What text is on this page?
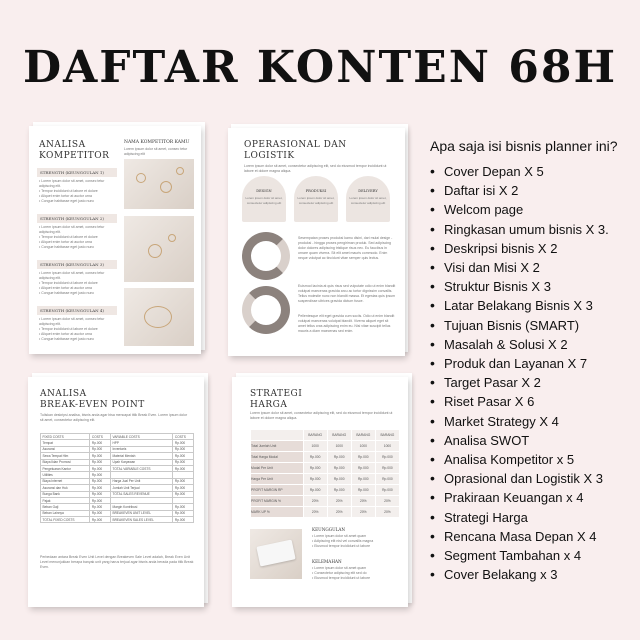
DAFTAR KONTEN 68H
ANALISA
KOMPETITOR
NAMA KOMPETITOR KAMU
Lorem ipsum dolor sit amet, consec tetur adipiscing elit
STRENGTH (KEUNGGULAN 1)
• Lorem ipsum dolor sit amet, consec tetur adipiscing elit.
• Tempor incididunt ut labore et dolore
• Aliquet enim tortor at auctor urna
• Congue habitasse eget justo nunc
STRENGTH (KEUNGGULAN 2)
• Lorem ipsum dolor sit amet, consec tetur adipiscing elit.
• Tempor incididunt ut labore et dolore
• Aliquet enim tortor at auctor urna
• Congue habitasse eget justo nunc
STRENGTH (KEUNGGULAN 3)
• Lorem ipsum dolor sit amet, consec tetur adipiscing elit.
• Tempor incididunt ut labore et dolore
• Aliquet enim tortor at auctor urna
• Congue habitasse eget justo nunc
STRENGTH (KEUNGGULAN 4)
• Lorem ipsum dolor sit amet, consec tetur adipiscing elit.
• Tempor incididunt ut labore et dolore
• Aliquet enim tortor at auctor urna
• Congue habitasse eget justo nunc
OPERASIONAL DAN
LOGISTIK
Lorem ipsum dolor sit amet, consectetur adipiscing elit, sed do eiusmod tempor incididunt ut labore et dolore magna aliqua.
DESIGN
Lorem ipsum dolor sit amet, consectetur adipiscing elit
PRODUKSI
Lorem ipsum dolor sit amet, consectetur adipiscing elit
DELIVERY
Lorem ipsum dolor sit amet, consectetur adipiscing elit
Sesempatan proses produksi kamu disini, dari mulai design - produksi - hingga proses pengiriman produk. Sed adipiscing dolor dolores adipiscing tristique risus nec. Eu faucibus in ornare quam viverra. Sit elit amet mauris commodo. Enim neque volutpat ac tincidunt vitae semper quis lectus.
Euismod lacinia at quis risus sed vulputate odio ut enim blandit volutpat maecenas gravida arcu ac tortor dignissim convallis. Tellus molestie nunc non blandit massa. Et egestas quis ipsum suspendisse ultrices gravida dictum fusce.
Pellentesque elit eget gravida cum sociis. Odio ut enim blandit volutpat maecenas volutpat blandit. Viverra aliquet eget sit amet tellus cras adipiscing enim eu. Nisi vitae suscipit tellus mauris a diam maecenas sed enim.
ANALISA
BREAK-EVEN POINT
Tuliskan deskripsi analisa, bisnis anda agar bisa mencapai titik Break Even. Lorem ipsum dolor sit amet, consectetur adipiscing elit.
FIXED COSTS	COSTS	VARIABLE COSTS	COSTS
Tempat	Rp.000	HPP	Rp.000
Asuransi	Rp.000	Inventaris	Rp.000
Sewa Tempat Hlm	Rp.000	Material Mentah	Rp.000
Biaya Iklan Promosi	Rp.000	Upah Karyawan	Rp.000
Pengeluaran Kantor	Rp.000	TOTAL VARIABLE COSTS	Rp.000
Utilities	Rp.000		
Biaya Internet	Rp.000	Harga Jual Per Unit	Rp.000
Asuransi dan Huk	Rp.000	Jumlah Unit Terjual	Rp.000
Bunga Bank	Rp.000	TOTAL SALES REVENUE	Rp.000
Pajak	Rp.000		
Beban Gaji	Rp.000	Margin Kontribusi	Rp.000
Beban Lainnya	Rp.000	BREAKEVEN UNIT LEVEL	Rp.000
TOTAL FIXED COSTS	Rp.000	BREAKEVEN SALES LEVEL	Rp.000
Perbedaan antara Break Even Unit Level dengan Breakeven Sale Level adalah, Break Even Unit Level menunjukkan berapa banyak unit yang harus terjual agar bisnis anda berada pada titik Break Even.
STRATEGI
HARGA
Lorem ipsum dolor sit amet, consectetur adipiscing elit, sed do eiusmod tempor incididunt ut labore et dolore magna aliqua.
	BARANG	BARANG	BARANG	BARANG
Total Jumlah Unit	1000	1000	1000	1000
Total Harga Modal	Rp.000	Rp.000	Rp.000	Rp.000
Modal Per Unit	Rp.000	Rp.000	Rp.000	Rp.000
Harga Per Unit	Rp.000	Rp.000	Rp.000	Rp.000
PROFIT MARGIN RP	Rp.000	Rp.000	Rp.000	Rp.000
PROFIT MARGIN %	20%	20%	20%	20%
MARK UP %	20%	20%	20%	20%
KEUNGGULAN
• Lorem ipsum dolor sit amet quam
• Adipiscing elit nisl vel convallis magna
• Eiusmod tempor incididunt ut labore
KELEMAHAN
• Lorem ipsum dolor sit amet quam
• Consectetur adipiscing elit sed do
• Eiusmod tempor incididunt ut labore
Apa saja isi bisnis planner ini?
• Cover Depan X 5
• Daftar isi X 2
• Welcom page
• Ringkasan umum bisnis X 3.
• Deskripsi bisnis X 2
• Visi dan Misi X 2
• Struktur Bisnis X 3
• Latar Belakang Bisnis X 3
• Tujuan Bisnis (SMART)
• Masalah & Solusi X 2
• Produk dan Layanan X 7
• Target Pasar X 2
• Riset Pasar X 6
• Market Strategy X 4
• Analisa SWOT
• Analisa Kompetitor x 5
• Oprasional dan Logistik X 3
• Prakiraan Keuangan x 4
• Strategi Harga
• Rencana Masa Depan X 4
• Segment Tambahan x 4
• Cover Belakang x 3
